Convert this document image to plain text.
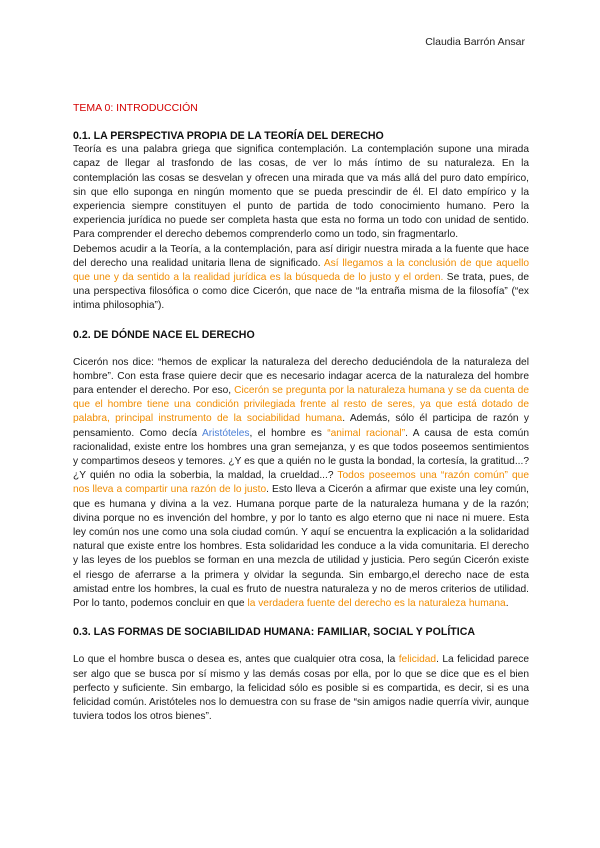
Claudia Barrón Ansar
TEMA 0: INTRODUCCIÓN
0.1. LA PERSPECTIVA PROPIA DE LA TEORÍA DEL DERECHO

Teoría es una palabra griega que significa contemplación. La contemplación supone una mirada capaz de llegar al trasfondo de las cosas, de ver lo más íntimo de su naturaleza. En la contemplación las cosas se desvelan y ofrecen una mirada que va más allá del puro dato empírico, sin que ello suponga en ningún momento que se pueda prescindir de él. El dato empírico y la experiencia siempre constituyen el punto de partida de todo conocimiento humano. Pero la experiencia jurídica no puede ser completa hasta que esta no forma un todo con unidad de sentido. Para comprender el derecho debemos comprenderlo como un todo, sin fragmentarlo.

Debemos acudir a la Teoría, a la contemplación, para así dirigir nuestra mirada a la fuente que hace del derecho una realidad unitaria llena de significado. Así llegamos a la conclusión de que aquello que une y da sentido a la realidad jurídica es la búsqueda de lo justo y el orden. Se trata, pues, de una perspectiva filosófica o como dice Cicerón, que nace de “la entraña misma de la filosofía” (“ex intima philosophia”).

0.2. DE DÓNDE NACE EL DERECHO

Cicerón nos dice: “hemos de explicar la naturaleza del derecho deduciéndola de la naturaleza del hombre”. Con esta frase quiere decir que es necesario indagar acerca de la naturaleza del hombre para entender el derecho. Por eso, Cicerón se pregunta por la naturaleza humana y se da cuenta de que el hombre tiene una condición privilegiada frente al resto de seres, ya que está dotado de palabra, principal instrumento de la sociabilidad humana. Además, sólo él participa de razón y pensamiento. Como decía Aristóteles, el hombre es “animal racional”. A causa de esta común racionalidad, existe entre los hombres una gran semejanza, y es que todos poseemos sentimientos y compartimos deseos y temores. ¿Y es que a quién no le gusta la bondad, la cortesía, la gratitud...? ¿Y quién no odia la soberbia, la maldad, la crueldad...? Todos poseemos una “razón común” que nos lleva a compartir una razón de lo justo. Esto lleva a Cicerón a afirmar que existe una ley común, que es humana y divina a la vez. Humana porque parte de la naturaleza humana y de la razón; divina porque no es invención del hombre, y por lo tanto es algo eterno que ni nace ni muere. Esta ley común nos une como una sola ciudad común. Y aquí se encuentra la explicación a la solidaridad natural que existe entre los hombres. Esta solidaridad les conduce a la vida comunitaria. El derecho y las leyes de los pueblos se forman en una mezcla de utilidad y justicia. Pero según Cicerón existe el riesgo de aferrarse a la primera y olvidar la segunda. Sin embargo,el derecho nace de esta amistad entre los hombres, la cual es fruto de nuestra naturaleza y no de meros criterios de utilidad. Por lo tanto, podemos concluir en que la verdadera fuente del derecho es la naturaleza humana.

0.3. LAS FORMAS DE SOCIABILIDAD HUMANA: FAMILIAR, SOCIAL Y POLÍTICA

Lo que el hombre busca o desea es, antes que cualquier otra cosa, la felicidad. La felicidad parece ser algo que se busca por sí mismo y las demás cosas por ella, por lo que se dice que es el bien perfecto y suficiente. Sin embargo, la felicidad sólo es posible si es compartida, es decir, si es una felicidad común. Aristóteles nos lo demuestra con su frase de “sin amigos nadie querría vivir, aunque tuviera todos los otros bienes”.
